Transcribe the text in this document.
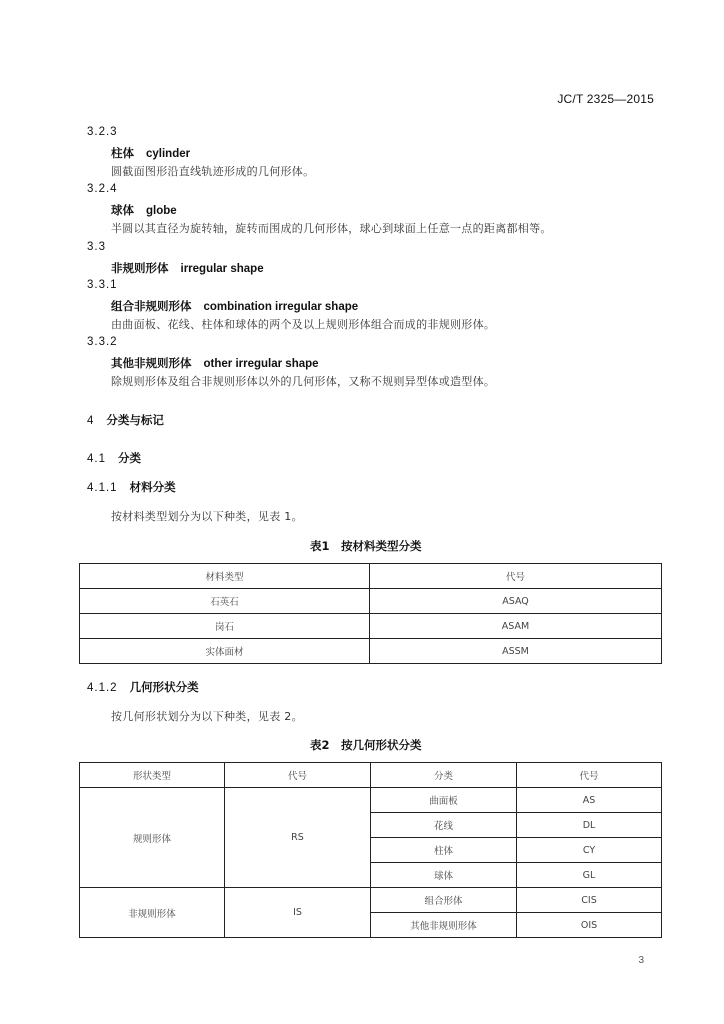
JC/T 2325—2015
3.2.3
柱体 cylinder
圆截面图形沿直线轨迹形成的几何形体。
3.2.4
球体 globe
半圆以其直径为旋转轴，旋转而围成的几何形体，球心到球面上任意一点的距离都相等。
3.3
非规则形体 irregular shape
3.3.1
组合非规则形体 combination irregular shape
由曲面板、花线、柱体和球体的两个及以上规则形体组合而成的非规则形体。
3.3.2
其他非规则形体 other irregular shape
除规则形体及组合非规则形体以外的几何形体，又称不规则异型体或造型体。
4 分类与标记
4.1 分类
4.1.1 材料分类
按材料类型划分为以下种类，见表 1。
表1　按材料类型分类
材料类型	代号
石英石	ASAQ
岗石	ASAM
实体面材	ASSM
4.1.2 几何形状分类
按几何形状划分为以下种类，见表 2。
表2　按几何形状分类
形状类型	代号	分类	代号
规则形体	RS	曲面板	AS
		花线	DL
		柱体	CY
		球体	GL
非规则形体	IS	组合形体	CIS
		其他非规则形体	OIS
3
